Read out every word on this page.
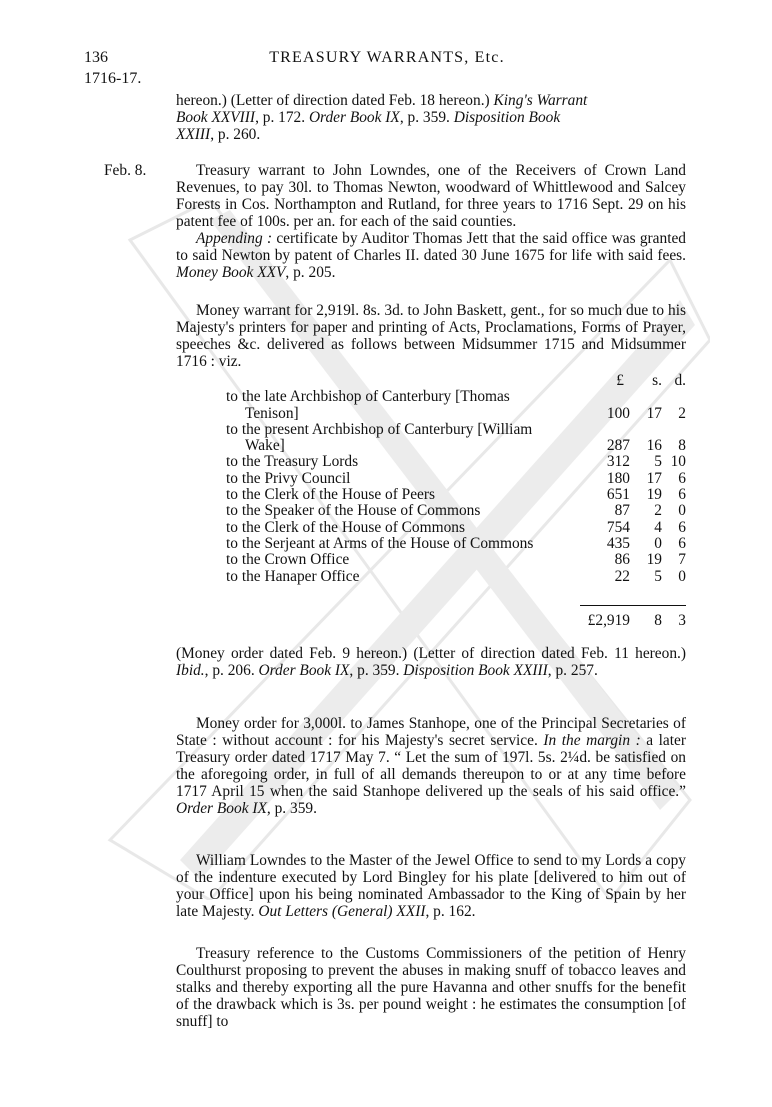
136	TREASURY WARRANTS, Etc.
1716-17.

hereon.) (Letter of direction dated Feb. 18 hereon.) King's Warrant
Book XXVIII, p. 172. Order Book IX, p. 359. Disposition Book
XXIII, p. 260.

Feb. 8.	Treasury warrant to John Lowndes, one of the Receivers of Crown Land Revenues, to pay 30l. to Thomas Newton, woodward of Whittlewood and Salcey Forests in Cos. Northampton and Rutland, for three years to 1716 Sept. 29 on his patent fee of 100s. per an. for each of the said counties.

Appending : certificate by Auditor Thomas Jett that the said office was granted to said Newton by patent of Charles II. dated 30 June 1675 for life with said fees. Money Book XXV, p. 205.

Money warrant for 2,919l. 8s. 3d. to John Baskett, gent., for so much due to his Majesty's printers for paper and printing of Acts, Proclamations, Forms of Prayer, speeches &c. delivered as follows between Midsummer 1715 and Midsummer 1716 : viz.

£	s. d.
to the late Archbishop of Canterbury [Thomas
Tenison]	100	17	2
to the present Archbishop of Canterbury [William
Wake]	287	16	8
to the Treasury Lords	312	5 10
to the Privy Council	180	17	6
to the Clerk of the House of Peers	651	19	6
to the Speaker of the House of Commons	87	2	0
to the Clerk of the House of Commons	754	4	6
to the Serjeant at Arms of the House of Commons	435	0	6
to the Crown Office	86	19	7
to the Hanaper Office	22	5	0
£2,919	8	3

(Money order dated Feb. 9 hereon.) (Letter of direction dated Feb. 11 hereon.) Ibid., p. 206. Order Book IX, p. 359. Disposition Book XXIII, p. 257.

Money order for 3,000l. to James Stanhope, one of the Principal Secretaries of State : without account : for his Majesty's secret service. In the margin : a later Treasury order dated 1717 May 7. “ Let the sum of 197l. 5s. 2¼d. be satisfied on the aforegoing order, in full of all demands thereupon to or at any time before 1717 April 15 when the said Stanhope delivered up the seals of his said office.” Order Book IX, p. 359.

William Lowndes to the Master of the Jewel Office to send to my Lords a copy of the indenture executed by Lord Bingley for his plate [delivered to him out of your Office] upon his being nominated Ambassador to the King of Spain by her late Majesty. Out Letters (General) XXII, p. 162.

Treasury reference to the Customs Commissioners of the petition of Henry Coulthurst proposing to prevent the abuses in making snuff of tobacco leaves and stalks and thereby exporting all the pure Havanna and other snuffs for the benefit of the drawback which is 3s. per pound weight : he estimates the consumption [of snuff] to
